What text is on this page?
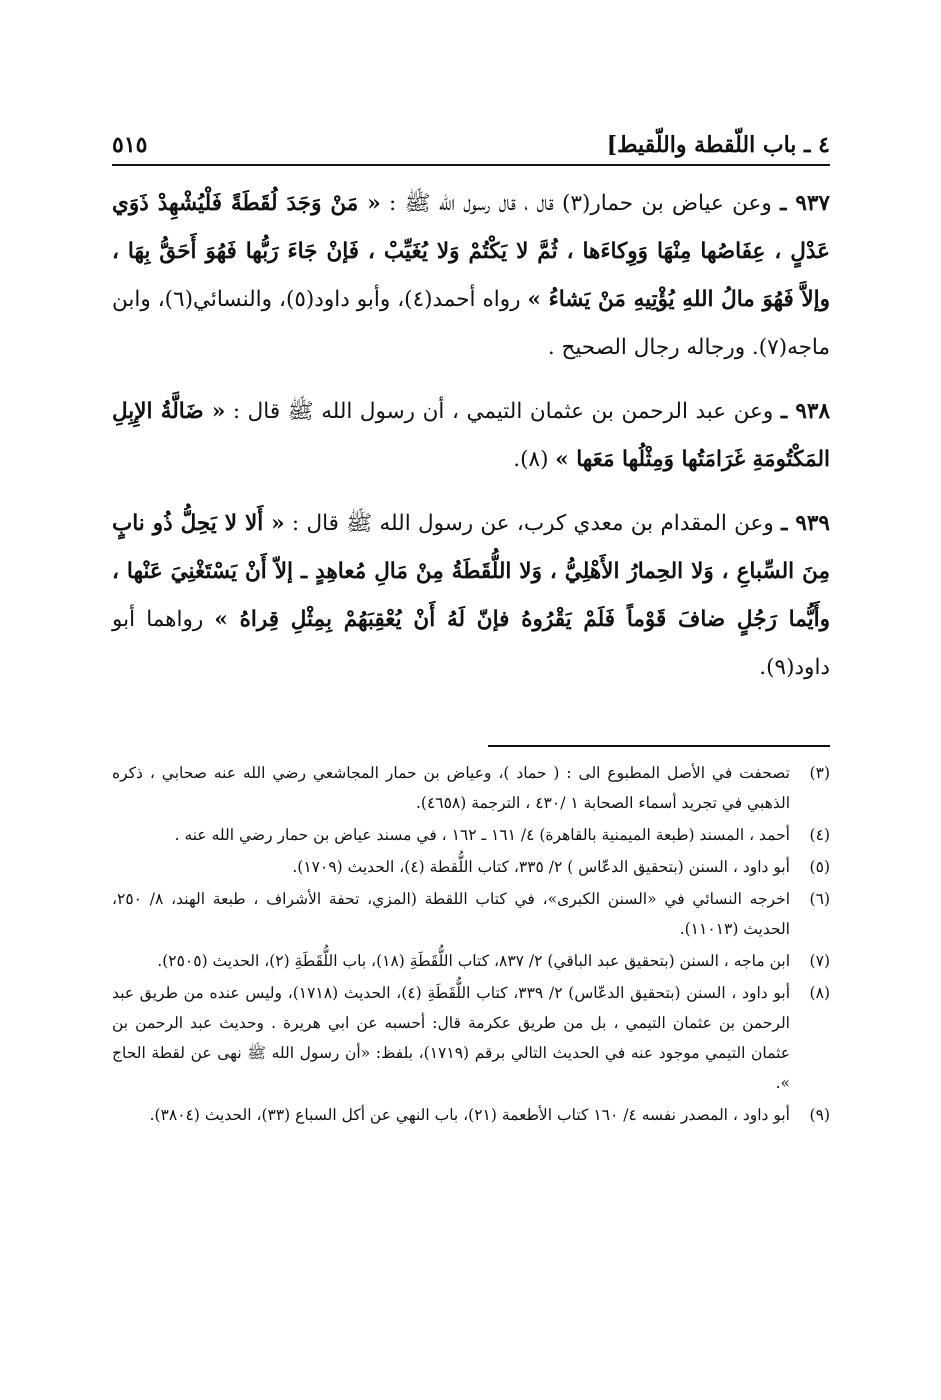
٥١٥	٤ ـ باب اللّقطة واللّقيط]

٩٣٧ ـ وعن عياض بن حمار(٣) قال ، قال رسول الله ﷺ : « مَنْ وَجَدَ لُقَطَةً فَلْيُشْهِدْ ذَوَي عَدْلٍ ، عِفَاصُها مِنْهَا وَوِكاءَها ، ثُمَّ لا يَكْتُمْ وَلا يُغَيِّبْ ، فَإنْ جَاءَ رَبُّها فَهُوَ أَحَقُّ بِهَا ، وإلاَّ فَهُوَ مالُ اللهِ يُؤْتِيهِ مَنْ يَشاءُ » رواه أحمد(٤)، وأبو داود(٥)، والنسائي(٦)، وابن ماجه(٧). ورجاله رجال الصحيح .

٩٣٨ ـ وعن عبد الرحمن بن عثمان التيمي ، أن رسول الله ﷺ قال : « ضَالَّةُ الإِبِلِ المَكْتُومَةِ غَرَامَتُها وَمِثْلُها مَعَها » (٨).

٩٣٩ ـ وعن المقدام بن معدي كرب، عن رسول الله ﷺ قال : « أَلا لا يَحِلُّ ذُو نابٍ مِنَ السِّباعِ ، وَلا الحِمارُ الأَهْلِيُّ ، وَلا اللُّقَطَةُ مِنْ مَالِ مُعاهِدٍ ـ إلاّ أَنْ يَسْتَغْنِيَ عَنْها ، وأَيُّما رَجُلٍ ضافَ قَوْماً فَلَمْ يَقْرُوهُ فإنّ لَهُ أَنْ يُعْقِبَهُمْ بِمِثْلِ قِراهُ » رواهما أبو داود(٩).

(٣)
تصحفت في الأصل المطبوع الى : ( حماد )، وعياض بن حمار المجاشعي رضي الله عنه صحابي ، ذكره الذهبي في تجريد أسماء الصحابة ١ /٤٣٠ ، الترجمة (٤٦٥٨).
(٤)
أحمد ، المسند (طبعة الميمنية بالقاهرة) ٤/ ١٦١ ـ ١٦٢ ، في مسند عياض بن حمار رضي الله عنه .
(٥)
أبو داود ، السنن (بتحقيق الدعّاس ) ٢/ ٣٣٥، كتاب اللُّقطة (٤)، الحديث (١٧٠٩).
(٦)
اخرجه النسائي في «السنن الكبرى»، في كتاب اللقطة (المزي، تحفة الأشراف ، طبعة الهند، ٨/ ٢٥٠، الحديث (١١٠١٣).
(٧)
ابن ماجه ، السنن (بتحقيق عبد الباقي) ٢/ ٨٣٧، كتاب اللُّقَطَةِ (١٨)، باب اللُّقَطَةِ (٢)، الحديث (٢٥٠٥).
(٨)
أبو داود ، السنن (بتحقيق الدعّاس) ٢/ ٣٣٩، كتاب اللُّقَطَةِ (٤)، الحديث (١٧١٨)، وليس عنده من طريق عبد الرحمن بن عثمان التيمي ، بل من طريق عكرمة قال: أحسبه عن ابي هريرة . وحديث عبد الرحمن بن عثمان التيمي موجود عنه في الحديث التالي برقم (١٧١٩)، بلفظ: «أن رسول الله ﷺ نهى عن لقطة الحاج ».
(٩)
أبو داود ، المصدر نفسه ٤/ ١٦٠ كتاب الأطعمة (٢١)، باب النهي عن أكل السباع (٣٣)، الحديث (٣٨٠٤).
